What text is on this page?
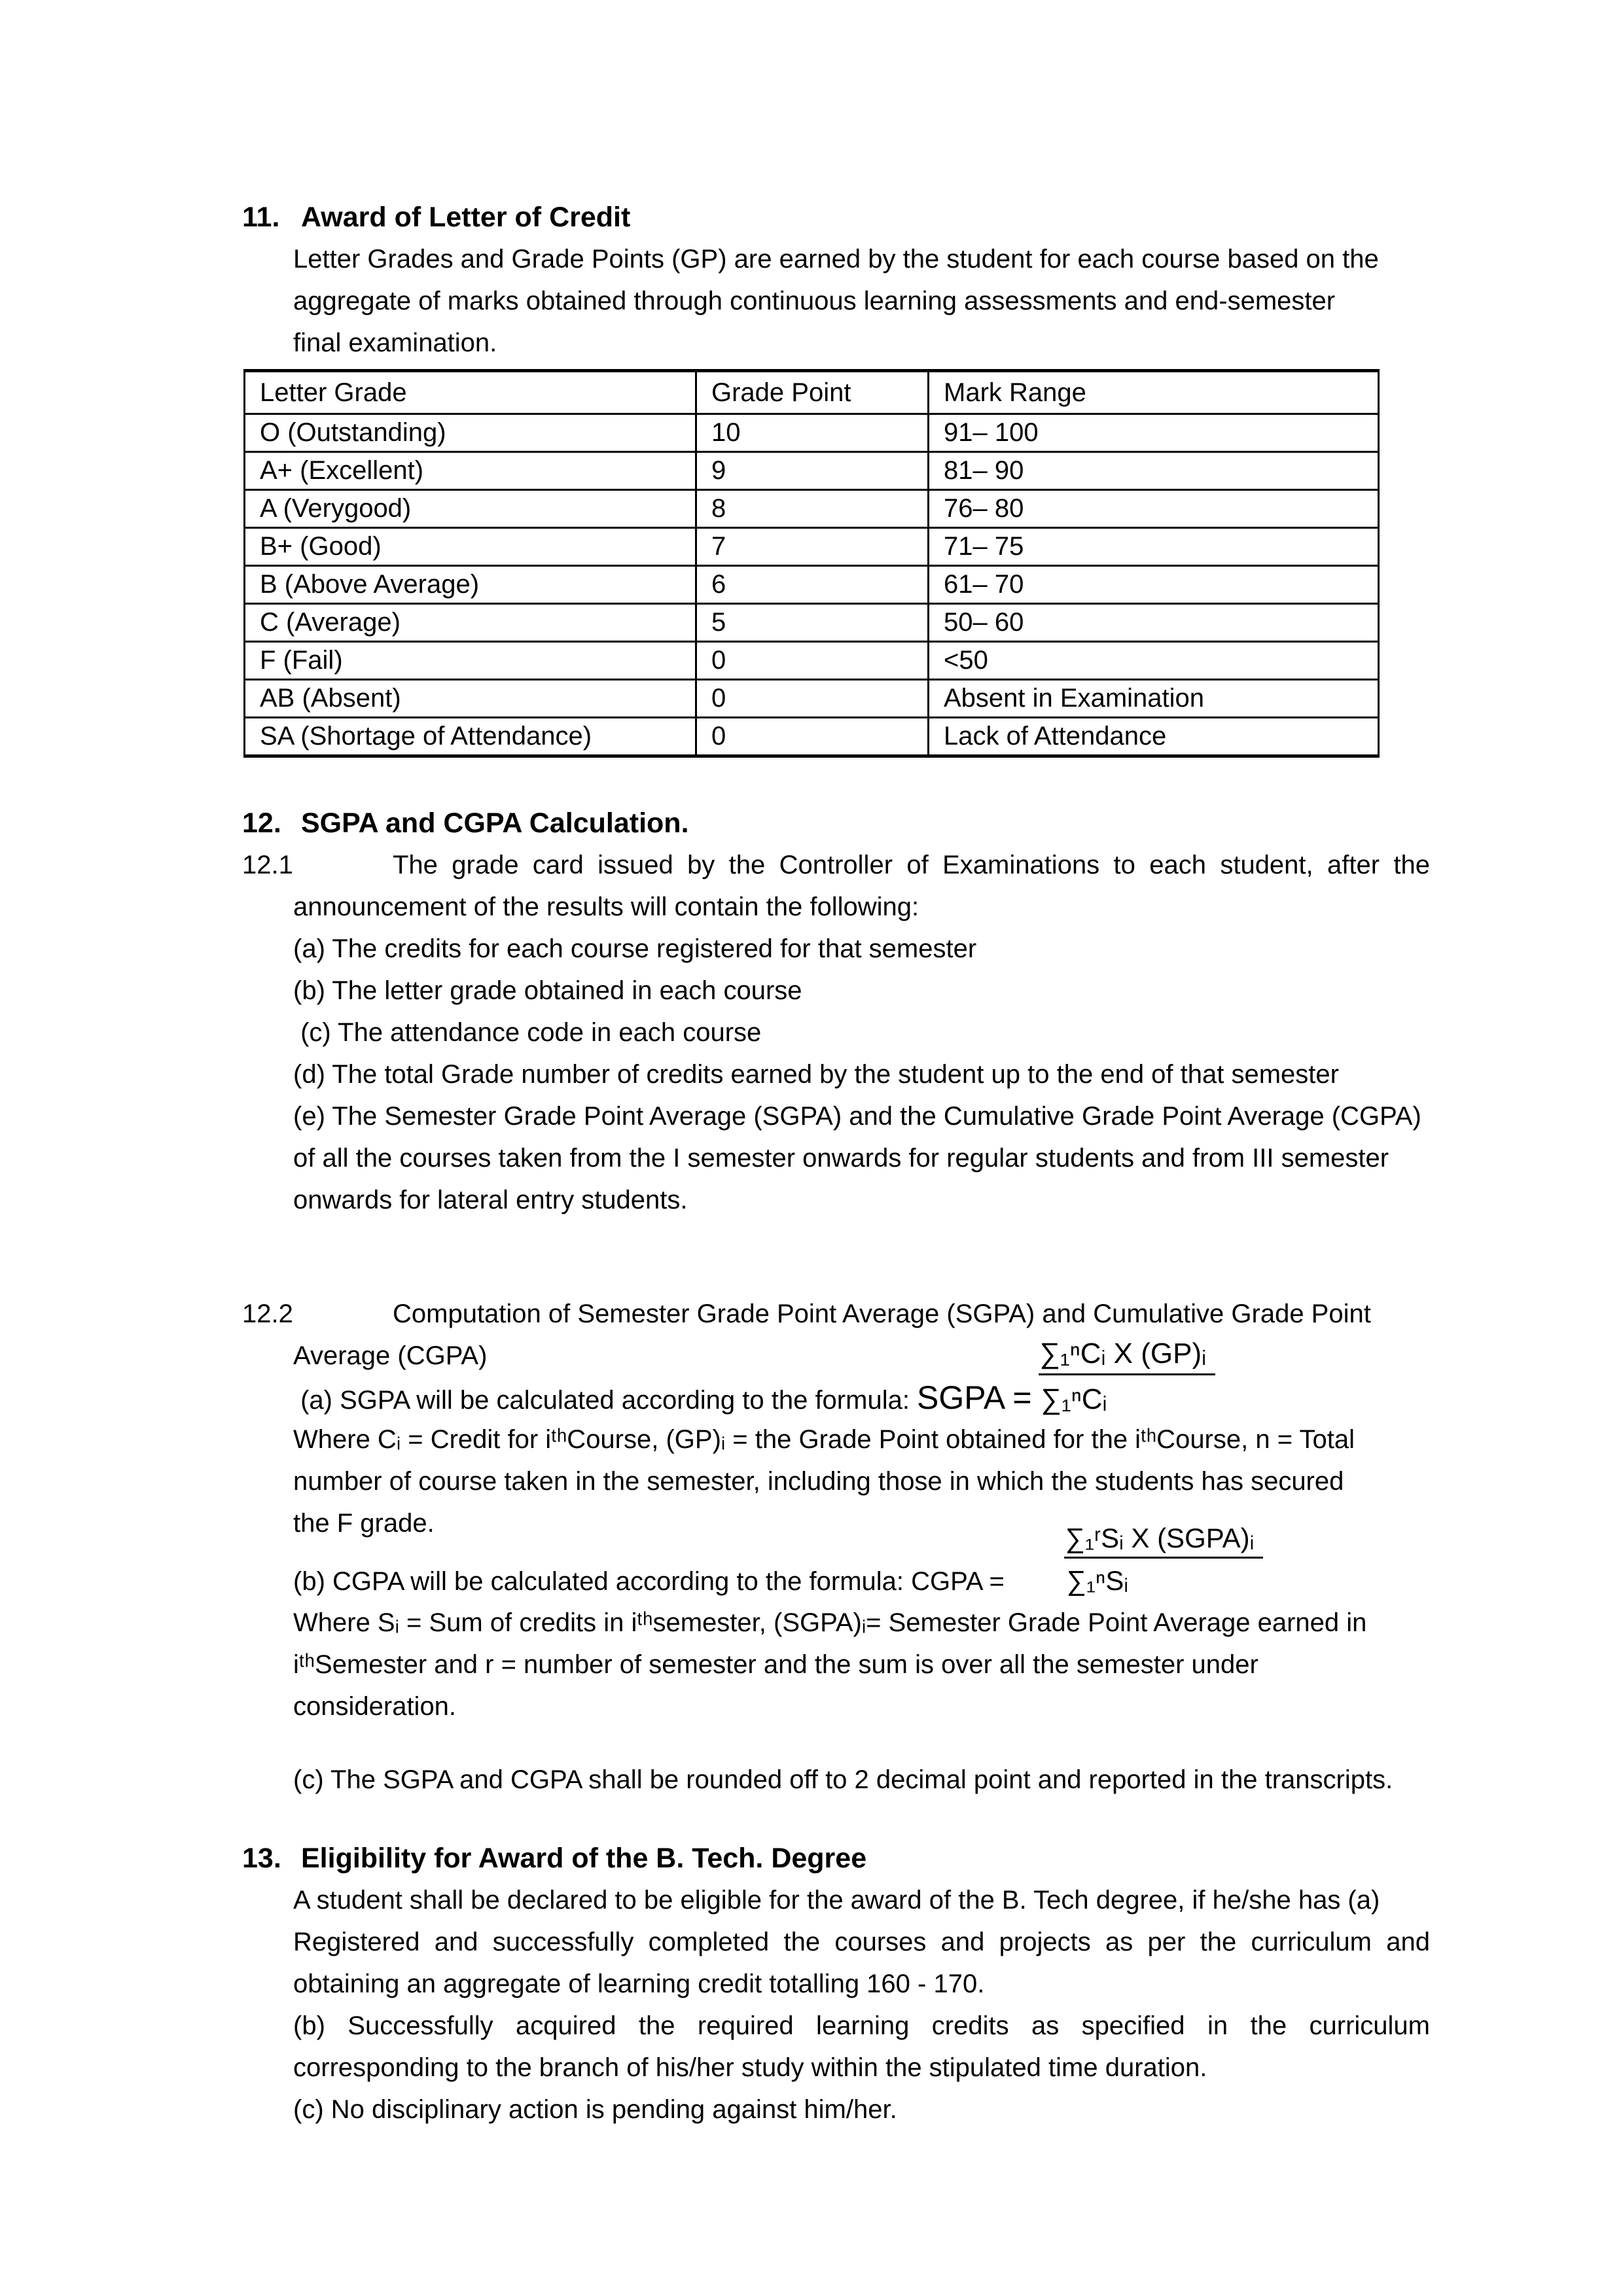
11. Award of Letter of Credit
Letter Grades and Grade Points (GP) are earned by the student for each course based on the
aggregate of marks obtained through continuous learning assessments and end-semester
final examination.
Letter Grade	Grade Point	Mark Range
O (Outstanding)	10	91– 100
A+ (Excellent)	9	81– 90
A (Verygood)	8	76– 80
B+ (Good)	7	71– 75
B (Above Average)	6	61– 70
C (Average)	5	50– 60
F (Fail)	0	<50
AB (Absent)	0	Absent in Examination
SA (Shortage of Attendance)	0	Lack of Attendance
12. SGPA and CGPA Calculation.
12.1	The grade card issued by the Controller of Examinations to each student, after the
announcement of the results will contain the following:
(a) The credits for each course registered for that semester
(b) The letter grade obtained in each course
(c) The attendance code in each course
(d) The total Grade number of credits earned by the student up to the end of that semester
(e) The Semester Grade Point Average (SGPA) and the Cumulative Grade Point Average (CGPA)
of all the courses taken from the I semester onwards for regular students and from III semester
onwards for lateral entry students.
12.2	Computation of Semester Grade Point Average (SGPA) and Cumulative Grade Point
Average (CGPA)
(a) SGPA will be calculated according to the formula: SGPA = $\frac{\text{∑₁ⁿCᵢ X (GP)ᵢ}}{\text{∑₁ⁿCᵢ}}$
Where Cᵢ = Credit for iᵗʰCourse, (GP)ᵢ = the Grade Point obtained for the iᵗʰCourse, n = Total
number of course taken in the semester, including those in which the students has secured
the F grade.
(b) CGPA will be calculated according to the formula: CGPA = $\frac{\text{∑₁ʳSᵢ X (SGPA)ᵢ}}{\text{∑₁ⁿSᵢ}}$
Where Sᵢ = Sum of credits in iᵗʰsemester, (SGPA)ᵢ= Semester Grade Point Average earned in
iᵗʰSemester and r = number of semester and the sum is over all the semester under
consideration.
(c) The SGPA and CGPA shall be rounded off to 2 decimal point and reported in the transcripts.
13. Eligibility for Award of the B. Tech. Degree
A student shall be declared to be eligible for the award of the B. Tech degree, if he/she has (a)
Registered and successfully completed the courses and projects as per the curriculum and
obtaining an aggregate of learning credit totalling 160 - 170.
(b) Successfully acquired the required learning credits as specified in the curriculum
corresponding to the branch of his/her study within the stipulated time duration.
(c) No disciplinary action is pending against him/her.
